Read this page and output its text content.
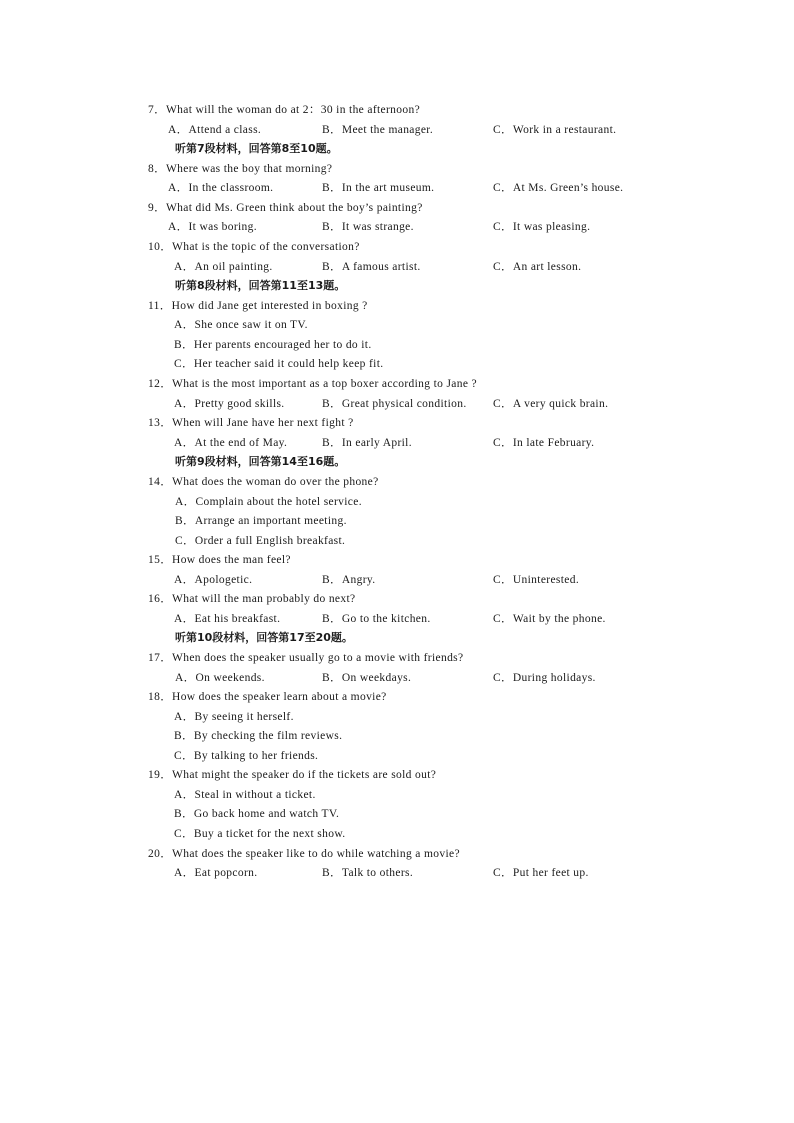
7．What will the woman do at 2：30 in the afternoon?
A．Attend a class.	B．Meet the manager.	C．Work in a restaurant.
听第7段材料，回答第8至10题。
8．Where was the boy that morning?
A．In the classroom.	B．In the art museum.	C．At Ms. Green’s house.
9．What did Ms. Green think about the boy’s painting?
A．It was boring.	B．It was strange.	C．It was pleasing.
10．What is the topic of the conversation?
A．An oil painting.	B．A famous artist.	C．An art lesson.
听第8段材料，回答第11至13题。
11．How did Jane get interested in boxing ?
A．She once saw it on TV.
B．Her parents encouraged her to do it.
C．Her teacher said it could help keep fit.
12．What is the most important as a top boxer according to Jane ?
A．Pretty good skills.	B．Great physical condition. C．A very quick brain.
13．When will Jane have her next fight ?
A．At the end of May.	B．In early April.	C．In late February.
听第9段材料，回答第14至16题。
14．What does the woman do over the phone?
A．Complain about the hotel service.
B．Arrange an important meeting.
C．Order a full English breakfast.
15．How does the man feel?
A．Apologetic.	B．Angry.	C．Uninterested.
16．What will the man probably do next?
A．Eat his breakfast.	B．Go to the kitchen.	C．Wait by the phone.
听第10段材料，回答第17至20题。
17．When does the speaker usually go to a movie with friends?
A．On weekends.	B．On weekdays.	C．During holidays.
18．How does the speaker learn about a movie?
A．By seeing it herself.
B．By checking the film reviews.
C．By talking to her friends.
19．What might the speaker do if the tickets are sold out?
A．Steal in without a ticket.
B．Go back home and watch TV.
C．Buy a ticket for the next show.
20．What does the speaker like to do while watching a movie?
A．Eat popcorn.	B．Talk to others.	C．Put her feet up.
